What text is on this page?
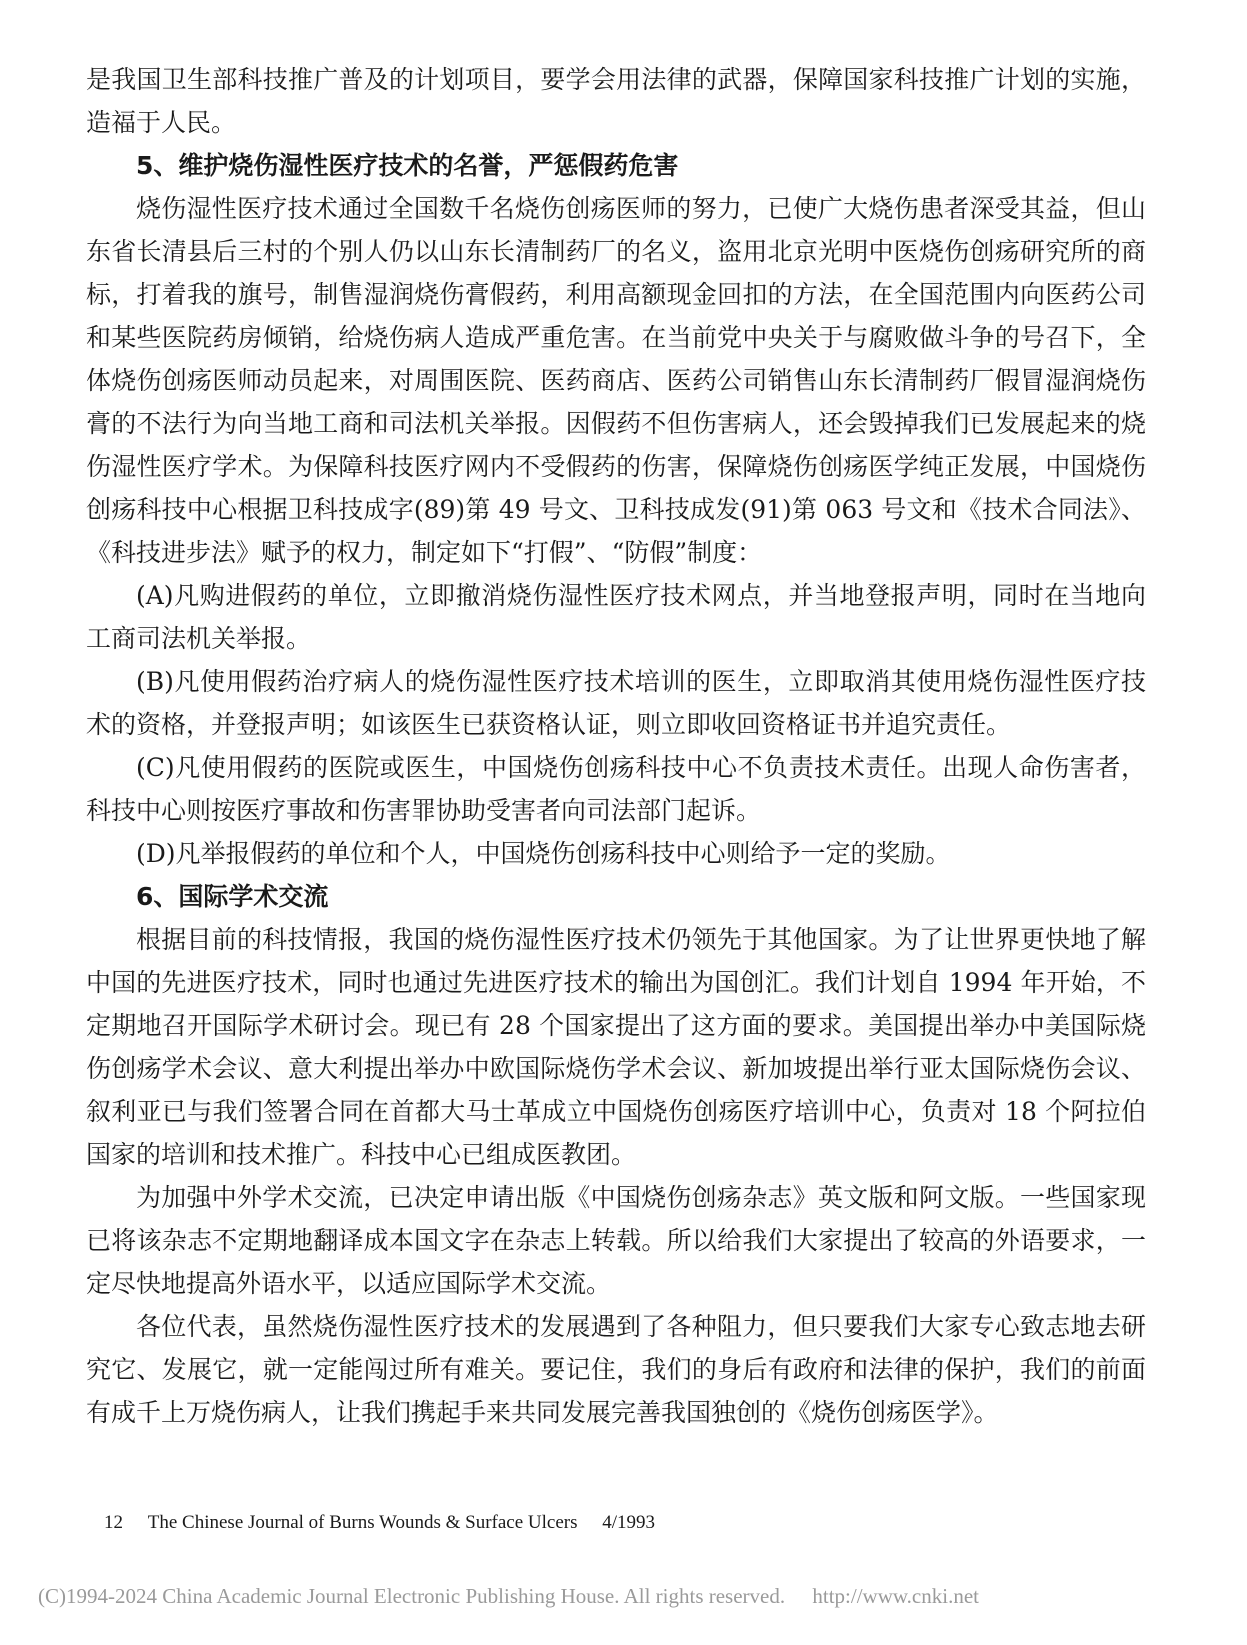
是我国卫生部科技推广普及的计划项目，要学会用法律的武器，保障国家科技推广计划的实施，造福于人民。

5、维护烧伤湿性医疗技术的名誉，严惩假药危害

烧伤湿性医疗技术通过全国数千名烧伤创疡医师的努力，已使广大烧伤患者深受其益，但山东省长清县后三村的个别人仍以山东长清制药厂的名义，盗用北京光明中医烧伤创疡研究所的商标，打着我的旗号，制售湿润烧伤膏假药，利用高额现金回扣的方法，在全国范围内向医药公司和某些医院药房倾销，给烧伤病人造成严重危害。在当前党中央关于与腐败做斗争的号召下，全体烧伤创疡医师动员起来，对周围医院、医药商店、医药公司销售山东长清制药厂假冒湿润烧伤膏的不法行为向当地工商和司法机关举报。因假药不但伤害病人，还会毁掉我们已发展起来的烧伤湿性医疗学术。为保障科技医疗网内不受假药的伤害，保障烧伤创疡医学纯正发展，中国烧伤创疡科技中心根据卫科技成字(89)第 49 号文、卫科技成发(91)第 063 号文和《技术合同法》、《科技进步法》赋予的权力，制定如下“打假”、“防假”制度：

(A)凡购进假药的单位，立即撤消烧伤湿性医疗技术网点，并当地登报声明，同时在当地向工商司法机关举报。

(B)凡使用假药治疗病人的烧伤湿性医疗技术培训的医生，立即取消其使用烧伤湿性医疗技术的资格，并登报声明；如该医生已获资格认证，则立即收回资格证书并追究责任。

(C)凡使用假药的医院或医生，中国烧伤创疡科技中心不负责技术责任。出现人命伤害者，科技中心则按医疗事故和伤害罪协助受害者向司法部门起诉。

(D)凡举报假药的单位和个人，中国烧伤创疡科技中心则给予一定的奖励。

6、国际学术交流

根据目前的科技情报，我国的烧伤湿性医疗技术仍领先于其他国家。为了让世界更快地了解中国的先进医疗技术，同时也通过先进医疗技术的输出为国创汇。我们计划自 1994 年开始，不定期地召开国际学术研讨会。现已有 28 个国家提出了这方面的要求。美国提出举办中美国际烧伤创疡学术会议、意大利提出举办中欧国际烧伤学术会议、新加坡提出举行亚太国际烧伤会议、叙利亚已与我们签署合同在首都大马士革成立中国烧伤创疡医疗培训中心，负责对 18 个阿拉伯国家的培训和技术推广。科技中心已组成医教团。

为加强中外学术交流，已决定申请出版《中国烧伤创疡杂志》英文版和阿文版。一些国家现已将该杂志不定期地翻译成本国文字在杂志上转载。所以给我们大家提出了较高的外语要求，一定尽快地提高外语水平，以适应国际学术交流。

各位代表，虽然烧伤湿性医疗技术的发展遇到了各种阻力，但只要我们大家专心致志地去研究它、发展它，就一定能闯过所有难关。要记住，我们的身后有政府和法律的保护，我们的前面有成千上万烧伤病人，让我们携起手来共同发展完善我国独创的《烧伤创疡医学》。

12 The Chinese Journal of Burns Wounds & Surface Ulcers 4/1993
(C)1994-2024 China Academic Journal Electronic Publishing House. All rights reserved. http://www.cnki.net
